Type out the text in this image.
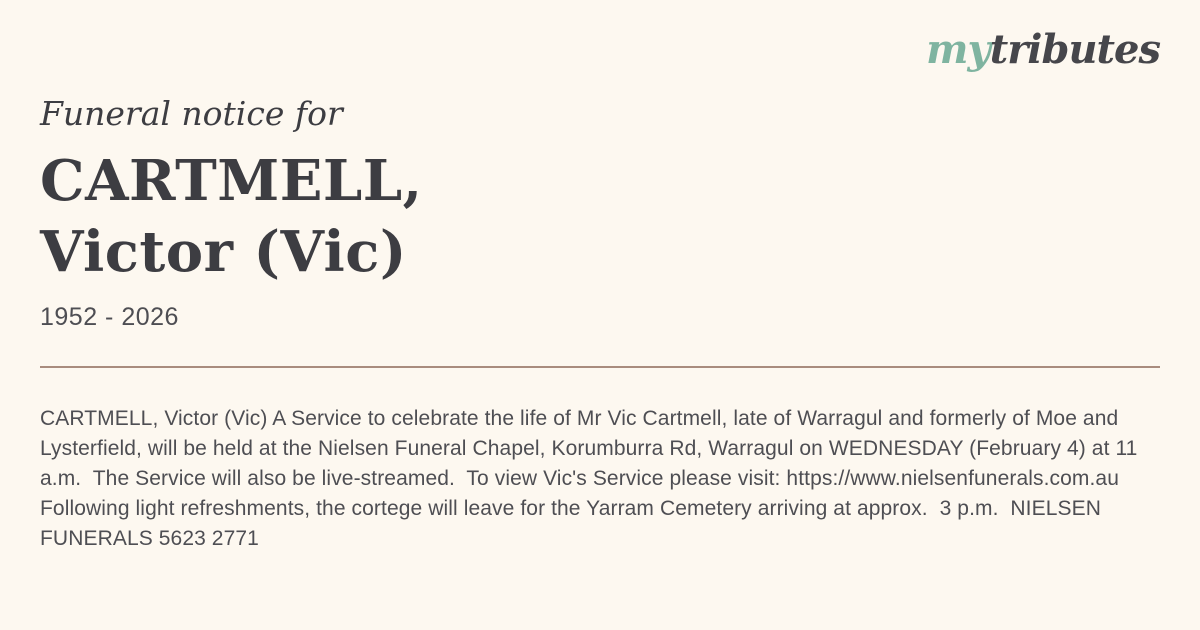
mytributes

Funeral notice for

CARTMELL, Victor (Vic)

1952 - 2026

CARTMELL, Victor (Vic) A Service to celebrate the life of Mr Vic Cartmell, late of Warragul and formerly of Moe and Lysterfield, will be held at the Nielsen Funeral Chapel, Korumburra Rd, Warragul on WEDNESDAY (February 4) at 11 a.m.  The Service will also be live-streamed.  To view Vic's Service please visit: https://www.nielsenfunerals.com.au Following light refreshments, the cortege will leave for the Yarram Cemetery arriving at approx.  3 p.m.  NIELSEN FUNERALS 5623 2771
